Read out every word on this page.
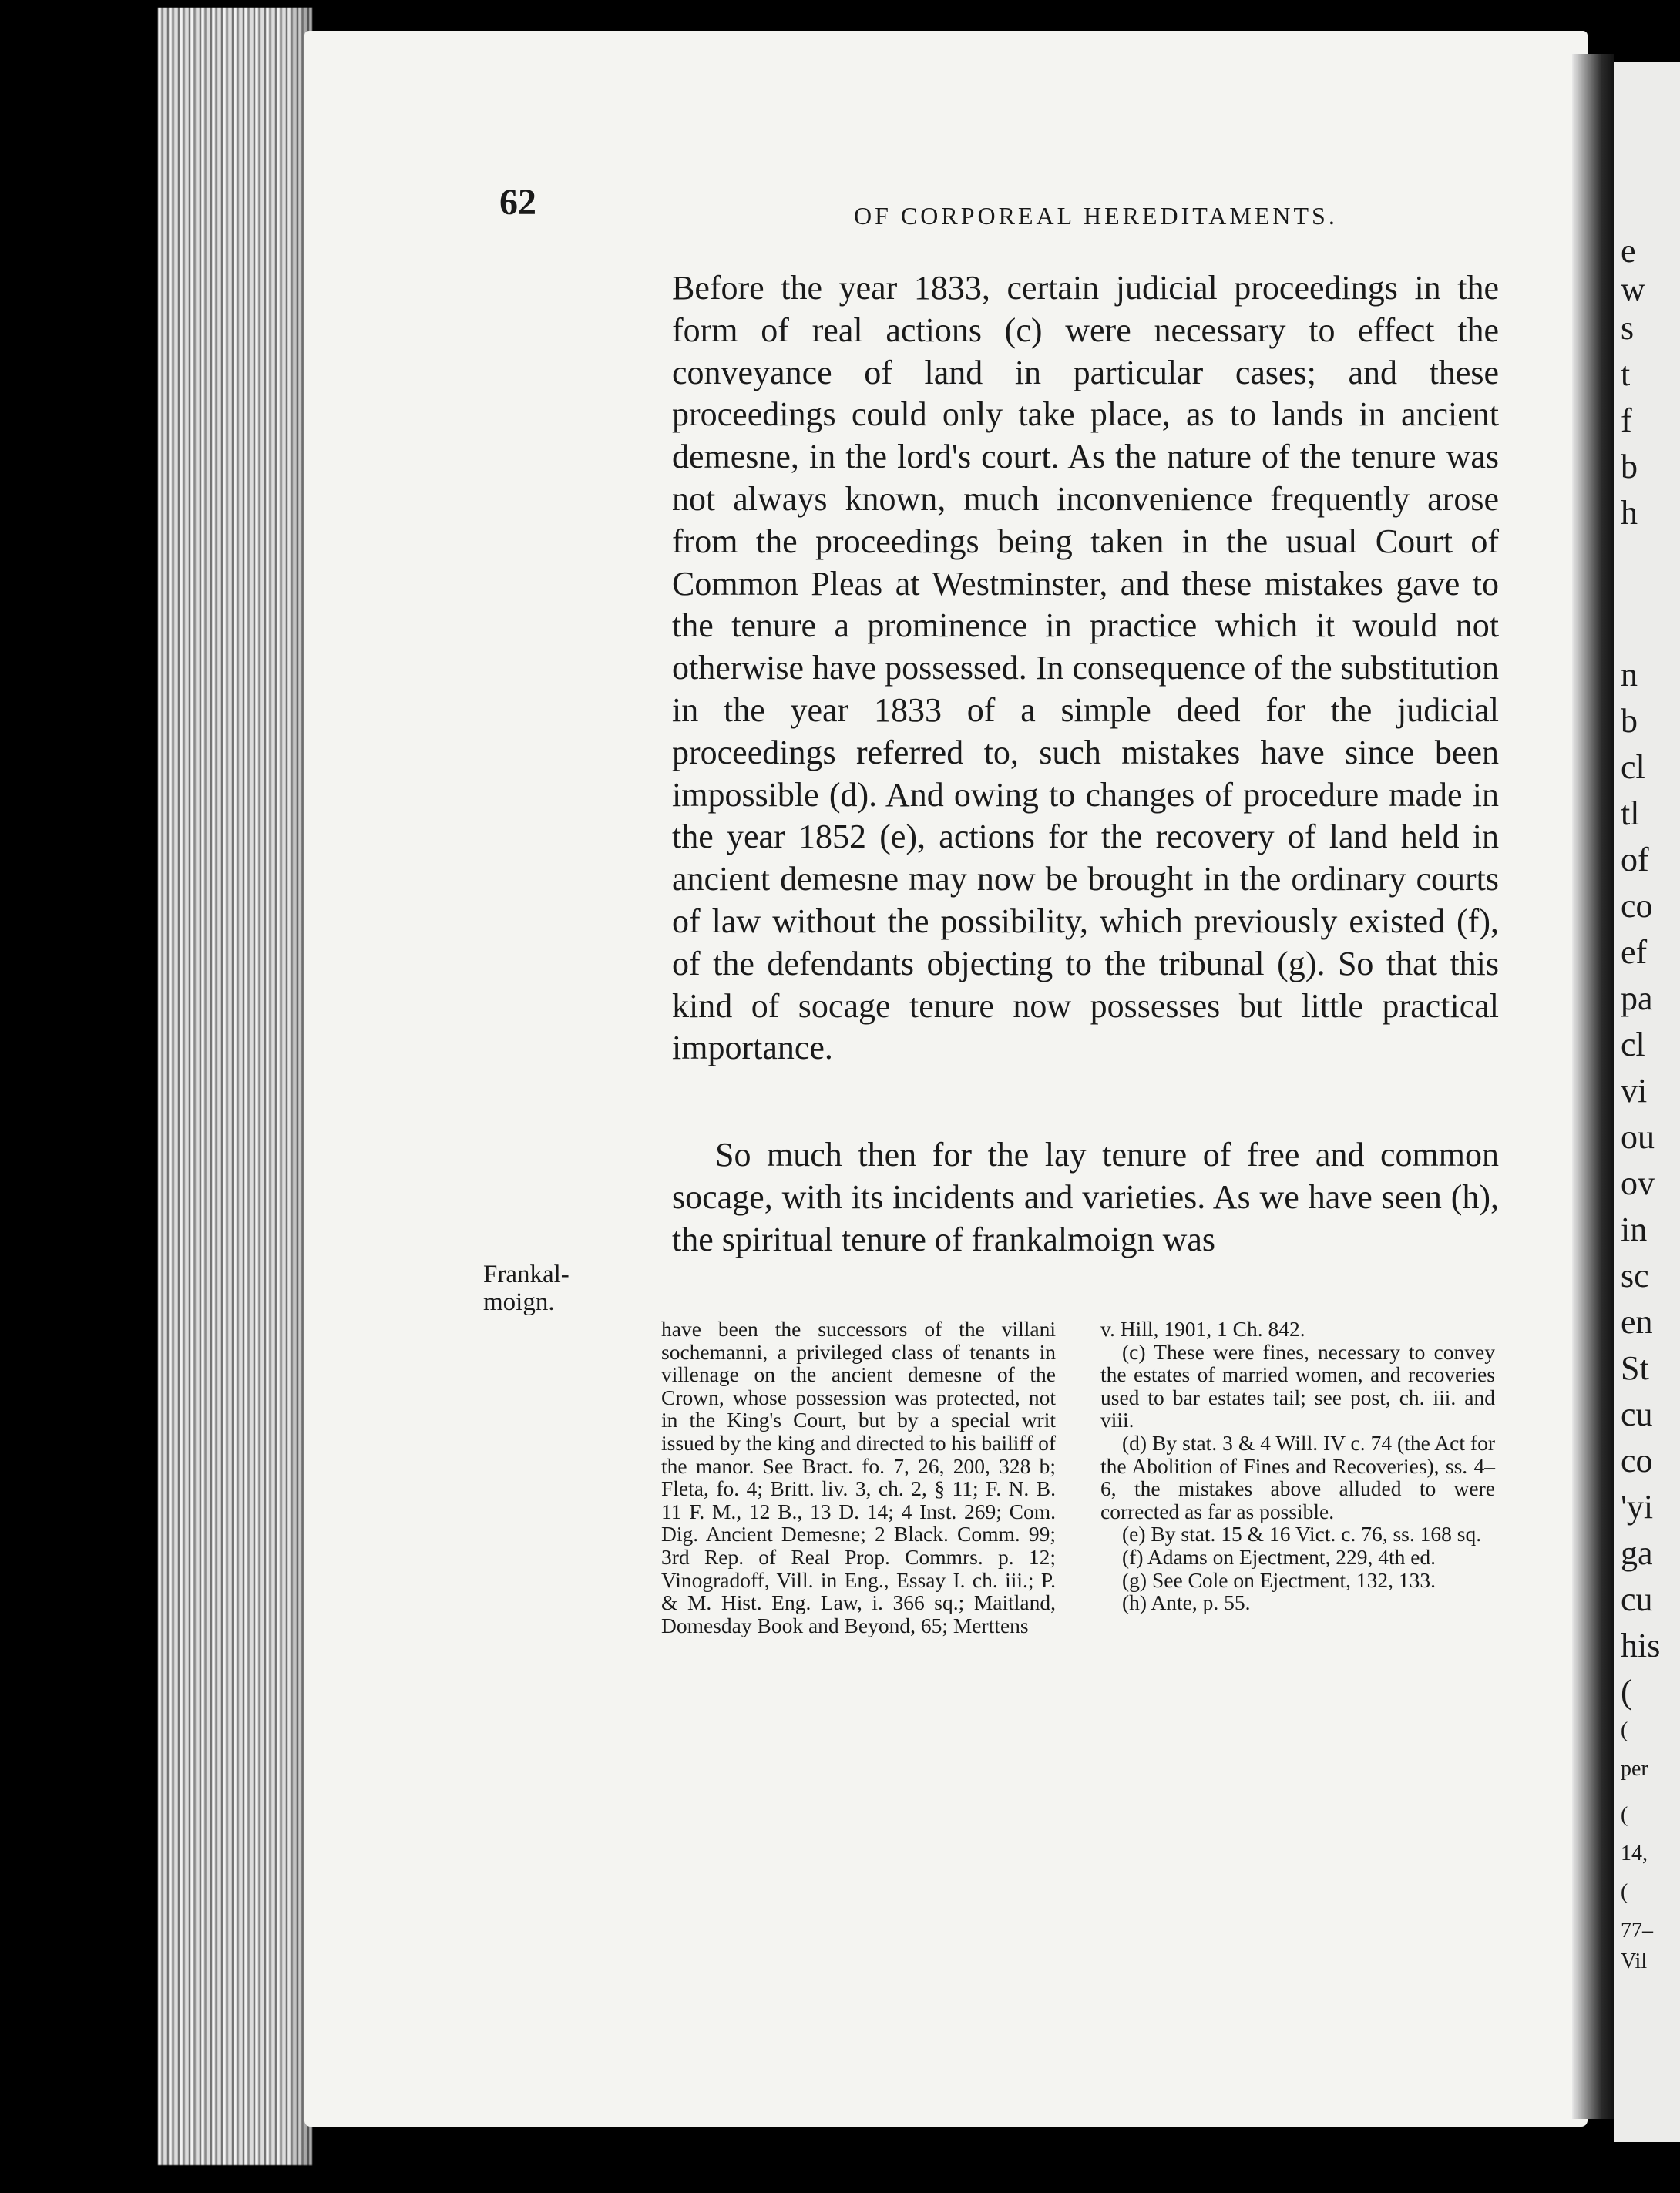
e
w
s
t
f
b
h
n
b
cl
tl
of
co
ef
pa
cl
vi
ou
ov
in
sc
en
St
cu
co
'yi
ga
cu
his
(
(
per
(
14,
(
77–
Vil
62	OF CORPOREAL HEREDITAMENTS.

Before the year 1833, certain judicial proceedings in the form of real actions (c) were necessary to effect the conveyance of land in particular cases; and these proceedings could only take place, as to lands in ancient demesne, in the lord's court. As the nature of the tenure was not always known, much inconvenience frequently arose from the proceedings being taken in the usual Court of Common Pleas at Westminster, and these mistakes gave to the tenure a prominence in practice which it would not otherwise have possessed. In consequence of the substitution in the year 1833 of a simple deed for the judicial proceedings referred to, such mistakes have since been impossible (d). And owing to changes of procedure made in the year 1852 (e), actions for the recovery of land held in ancient demesne may now be brought in the ordinary courts of law without the possibility, which previously existed (f), of the defendants objecting to the tribunal (g). So that this kind of socage tenure now possesses but little practical importance.

So much then for the lay tenure of free and common socage, with its incidents and varieties. As we have seen (h), the spiritual tenure of frankalmoign was

Frankal-
moign.

have been the successors of the villani sochemanni, a privileged class of tenants in villenage on the ancient demesne of the Crown, whose possession was protected, not in the King's Court, but by a special writ issued by the king and directed to his bailiff of the manor. See Bract. fo. 7, 26, 200, 328 b; Fleta, fo. 4; Britt. liv. 3, ch. 2, § 11; F. N. B. 11 F. M., 12 B., 13 D. 14; 4 Inst. 269; Com. Dig. Ancient Demesne; 2 Black. Comm. 99; 3rd Rep. of Real Prop. Commrs. p. 12; Vinogradoff, Vill. in Eng., Essay I. ch. iii.; P. & M. Hist. Eng. Law, i. 366 sq.; Maitland, Domesday Book and Beyond, 65; Merttens

v. Hill, 1901, 1 Ch. 842.

(c) These were fines, necessary to convey the estates of married women, and recoveries used to bar estates tail; see post, ch. iii. and viii.

(d) By stat. 3 & 4 Will. IV c. 74 (the Act for the Abolition of Fines and Recoveries), ss. 4–6, the mistakes above alluded to were corrected as far as possible.

(e) By stat. 15 & 16 Vict. c. 76, ss. 168 sq.

(f) Adams on Ejectment, 229, 4th ed.

(g) See Cole on Ejectment, 132, 133.

(h) Ante, p. 55.
